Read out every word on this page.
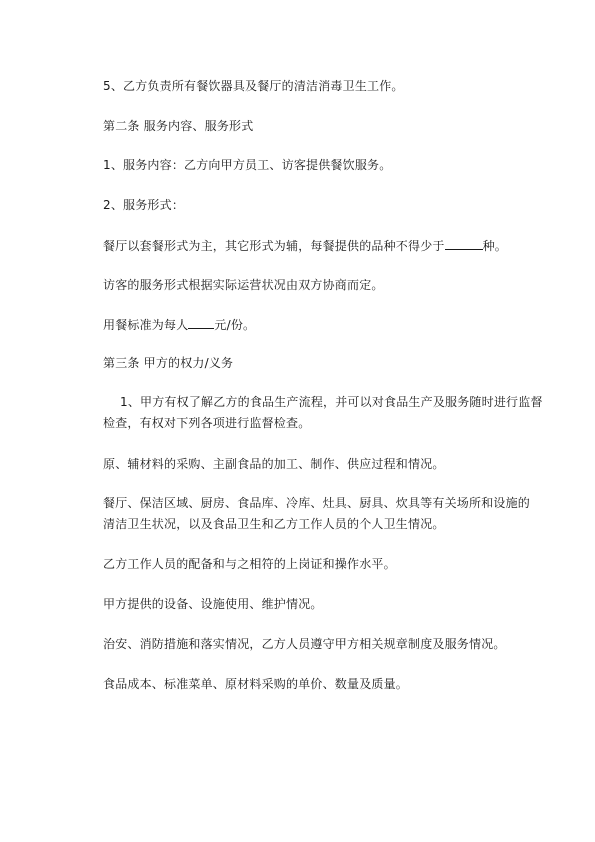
5、乙方负责所有餐饮器具及餐厅的清洁消毒卫生工作。
第二条 服务内容、服务形式
1、服务内容：乙方向甲方员工、访客提供餐饮服务。
2、服务形式：
餐厅以套餐形式为主，其它形式为辅，每餐提供的品种不得少于	种。
访客的服务形式根据实际运营状况由双方协商而定。
用餐标准为每人 元/份。
第三条 甲方的权力/义务
1、甲方有权了解乙方的食品生产流程，并可以对食品生产及服务随时进行监督
检查，有权对下列各项进行监督检查。
原、辅材料的采购、主副食品的加工、制作、供应过程和情况。
餐厅、保洁区域、厨房、食品库、冷库、灶具、厨具、炊具等有关场所和设施的
清洁卫生状况，以及食品卫生和乙方工作人员的个人卫生情况。
乙方工作人员的配备和与之相符的上岗证和操作水平。
甲方提供的设备、设施使用、维护情况。
治安、消防措施和落实情况，乙方人员遵守甲方相关规章制度及服务情况。
食品成本、标准菜单、原材料采购的单价、数量及质量。
